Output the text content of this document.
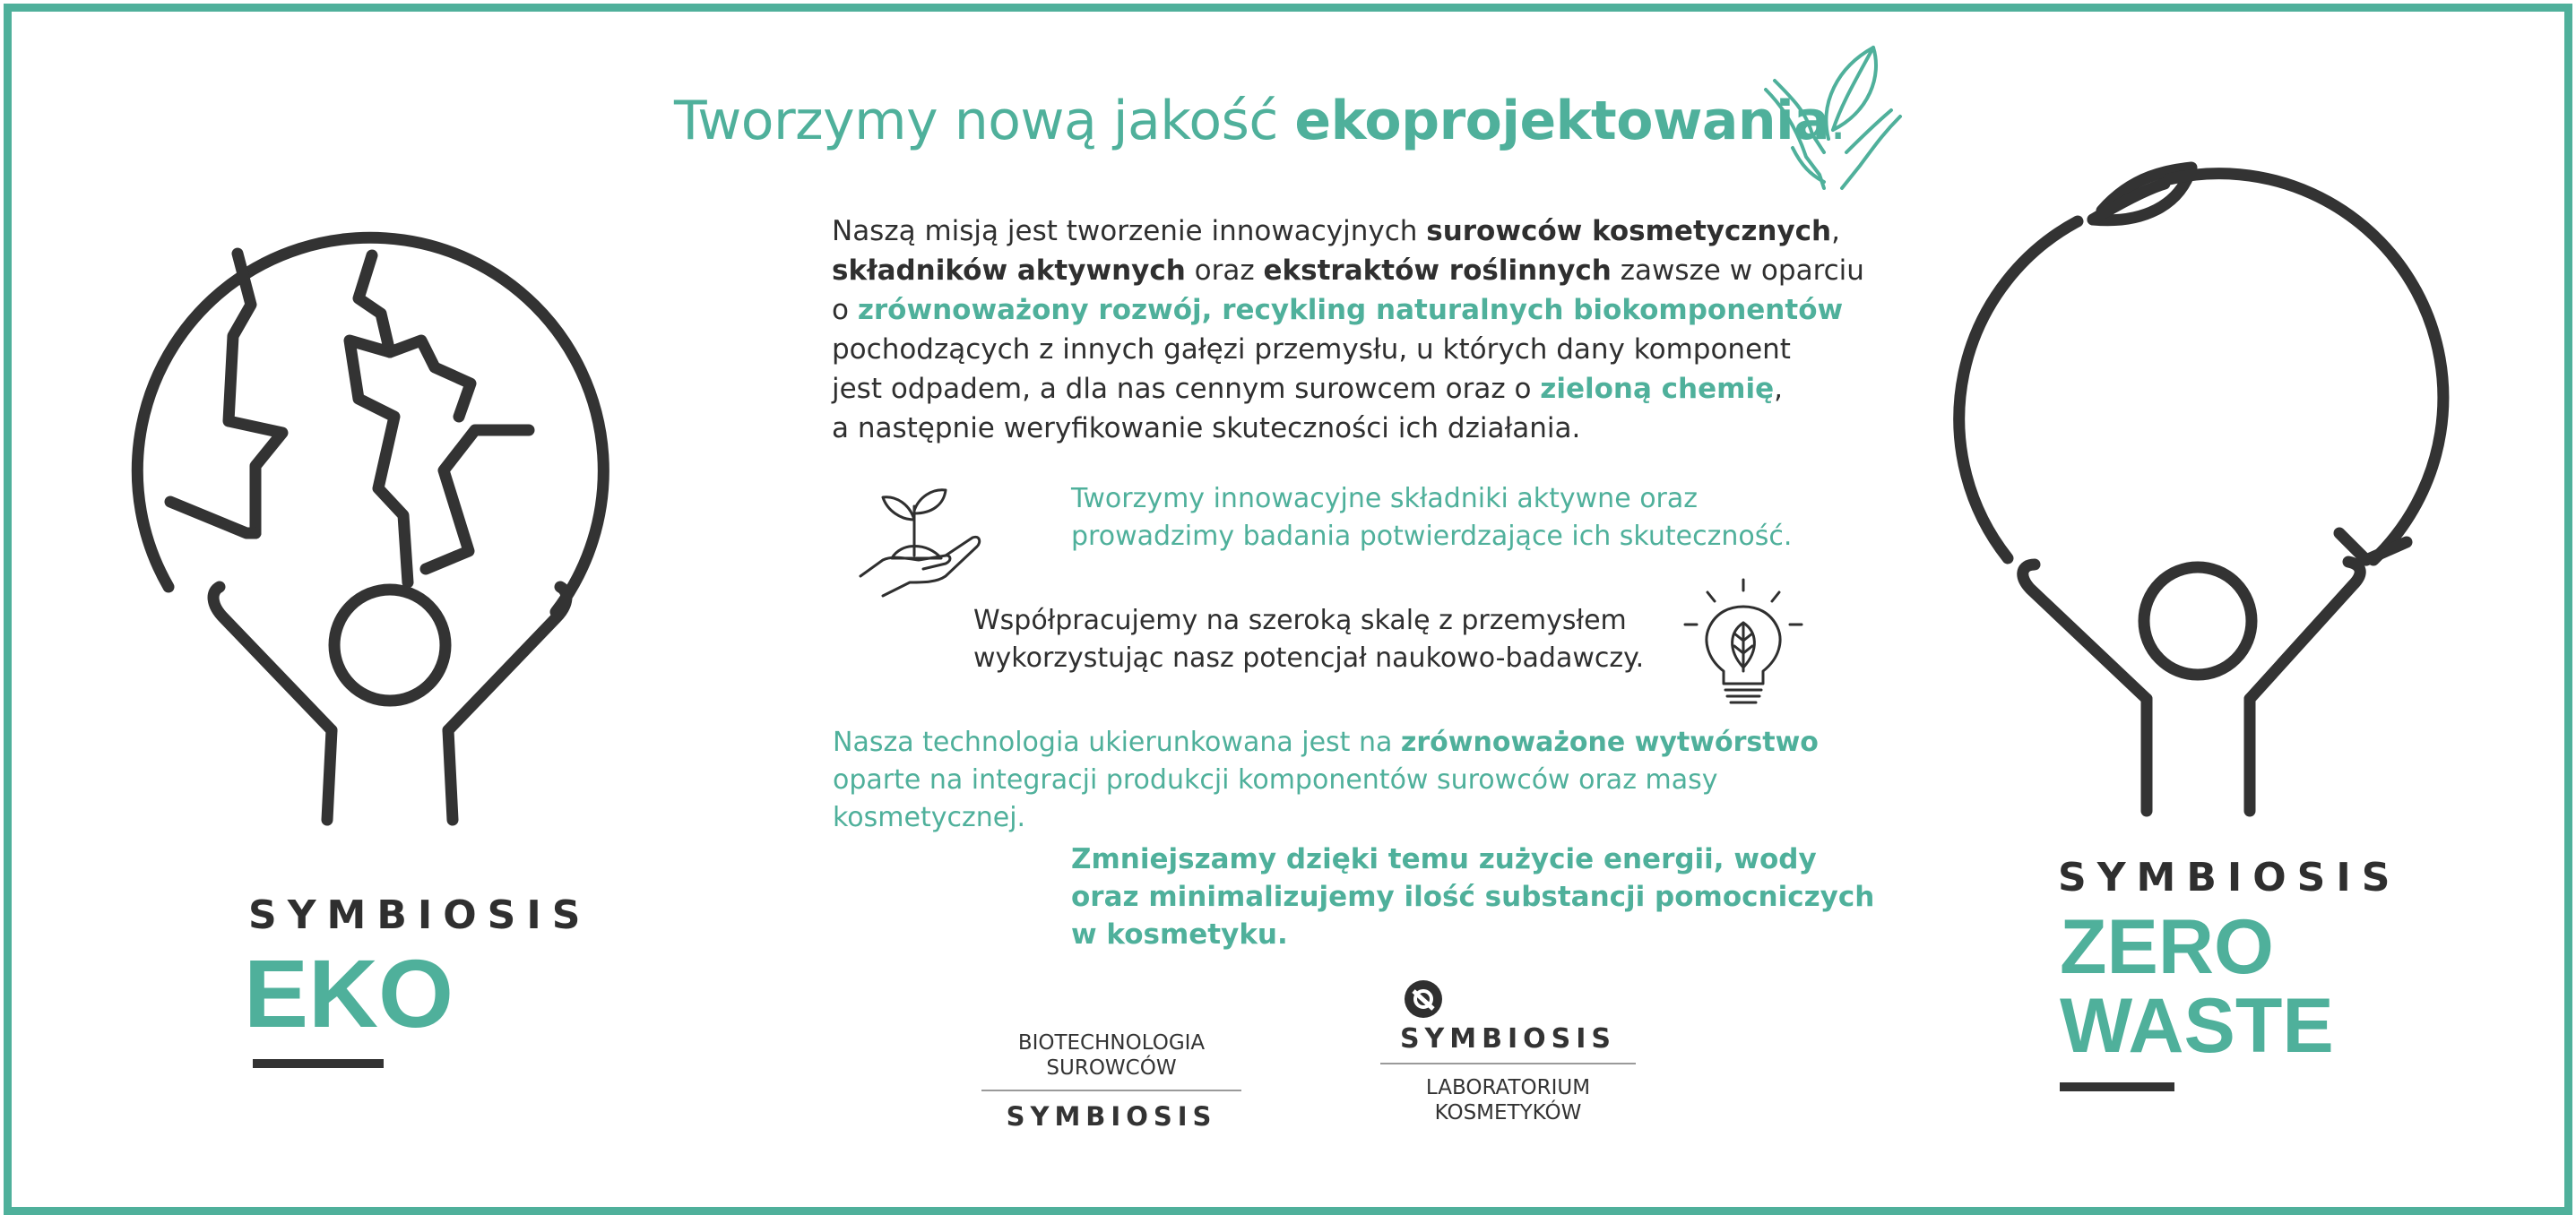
Tworzymy nową jakość ekoprojektowania.
Naszą misją jest tworzenie innowacyjnych surowców kosmetycznych,
składników aktywnych oraz ekstraktów roślinnych zawsze w oparciu
o zrównoważony rozwój, recykling naturalnych biokomponentów
pochodzących z innych gałęzi przemysłu, u których dany komponent
jest odpadem, a dla nas cennym surowcem oraz o zieloną chemię,
a następnie weryfikowanie skuteczności ich działania.
Tworzymy innowacyjne składniki aktywne oraz
prowadzimy badania potwierdzające ich skuteczność.
Współpracujemy na szeroką skalę z przemysłem
wykorzystując nasz potencjał naukowo-badawczy.
Nasza technologia ukierunkowana jest na zrównoważone wytwórstwo
oparte na integracji produkcji komponentów surowców oraz masy
kosmetycznej.
Zmniejszamy dzięki temu zużycie energii, wody
oraz minimalizujemy ilość substancji pomocniczych
w kosmetyku.
BIOTECHNOLOGIA
SUROWCÓW
SYMBIOSIS
SYMBIOSIS
LABORATORIUM
KOSMETYKÓW
SYMBIOSIS
EKO
SYMBIOSIS
ZERO
WASTE
